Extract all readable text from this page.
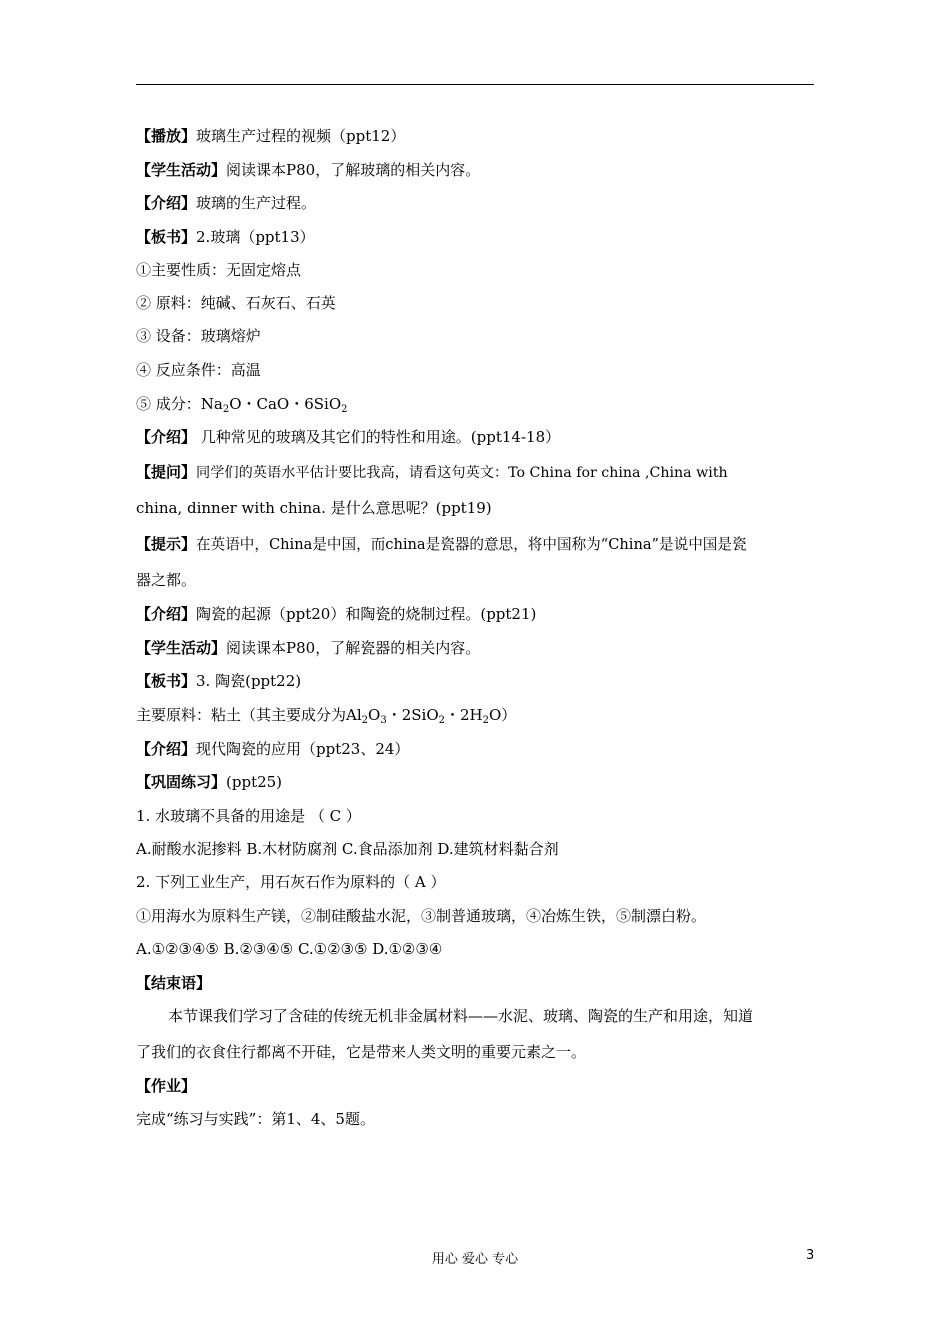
【播放】玻璃生产过程的视频（ppt12）
【学生活动】阅读课本P80，了解玻璃的相关内容。
【介绍】玻璃的生产过程。
【板书】2.玻璃（ppt13）
①主要性质：无固定熔点
② 原料：纯碱、石灰石、石英
③ 设备：玻璃熔炉
④ 反应条件：高温
⑤ 成分：$Na_2O$・CaO・6SiO$_2$
【介绍】 几种常见的玻璃及其它们的特性和用途。(ppt14-18）
【提问】同学们的英语水平估计要比我高，请看这句英文：To China for china ,China with
china, dinner with china. 是什么意思呢？(ppt19)
【提示】在英语中，China是中国，而china是瓷器的意思，将中国称为“China”是说中国是瓷
器之都。
【介绍】陶瓷的起源（ppt20）和陶瓷的烧制过程。(ppt21)
【学生活动】阅读课本P80，了解瓷器的相关内容。
【板书】3. 陶瓷(ppt22)
主要原料：粘土（其主要成分为$Al_2O_3$・2SiO$_2$・$2H_2O$）
【介绍】现代陶瓷的应用（ppt23、24）
【巩固练习】(ppt25)
1. 水玻璃不具备的用途是 （ C ）
A.耐酸水泥掺料 B.木材防腐剂 C.食品添加剂 D.建筑材料黏合剂
2. 下列工业生产，用石灰石作为原料的（ A ）
①用海水为原料生产镁，②制硅酸盐水泥，③制普通玻璃，④冶炼生铁，⑤制漂白粉。
A.①②③④⑤ B.②③④⑤ C.①②③⑤ D.①②③④
【结束语】
本节课我们学习了含硅的传统无机非金属材料——水泥、玻璃、陶瓷的生产和用途，知道
了我们的衣食住行都离不开硅，它是带来人类文明的重要元素之一。
【作业】
完成“练习与实践”：第1、4、5题。
用心 爱心 专心	3
